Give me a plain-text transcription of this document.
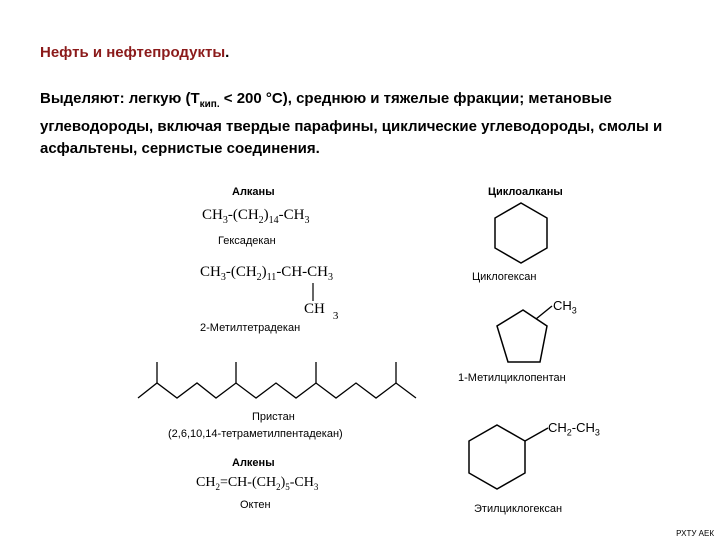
Нефть и нефтепродукты.
Выделяют: легкую ($Т_{кип.} < 200$ °С), среднюю и тяжелые фракции; метановые углеводороды, включая твердые парафины, циклические углеводороды, смолы и асфальтены, сернистые соединения.
Алканы
$CH_3-(CH_2)_{14}-CH_3$
Гексадекан
$CH_3-(CH_2)_{11}-CH-CH_3$
CH $_3$
2-Метилтетрадекан
Пристан
(2,6,10,14-тетраметилпентадекан)
Алкены
$CH_2=CH-(CH_2)_5-CH_3$
Октен
Циклоалканы
Циклогексан
$CH_3$
1-Метилциклопентан
$CH_2-CH_3$
Этилциклогексан
РХТУ АЕК
